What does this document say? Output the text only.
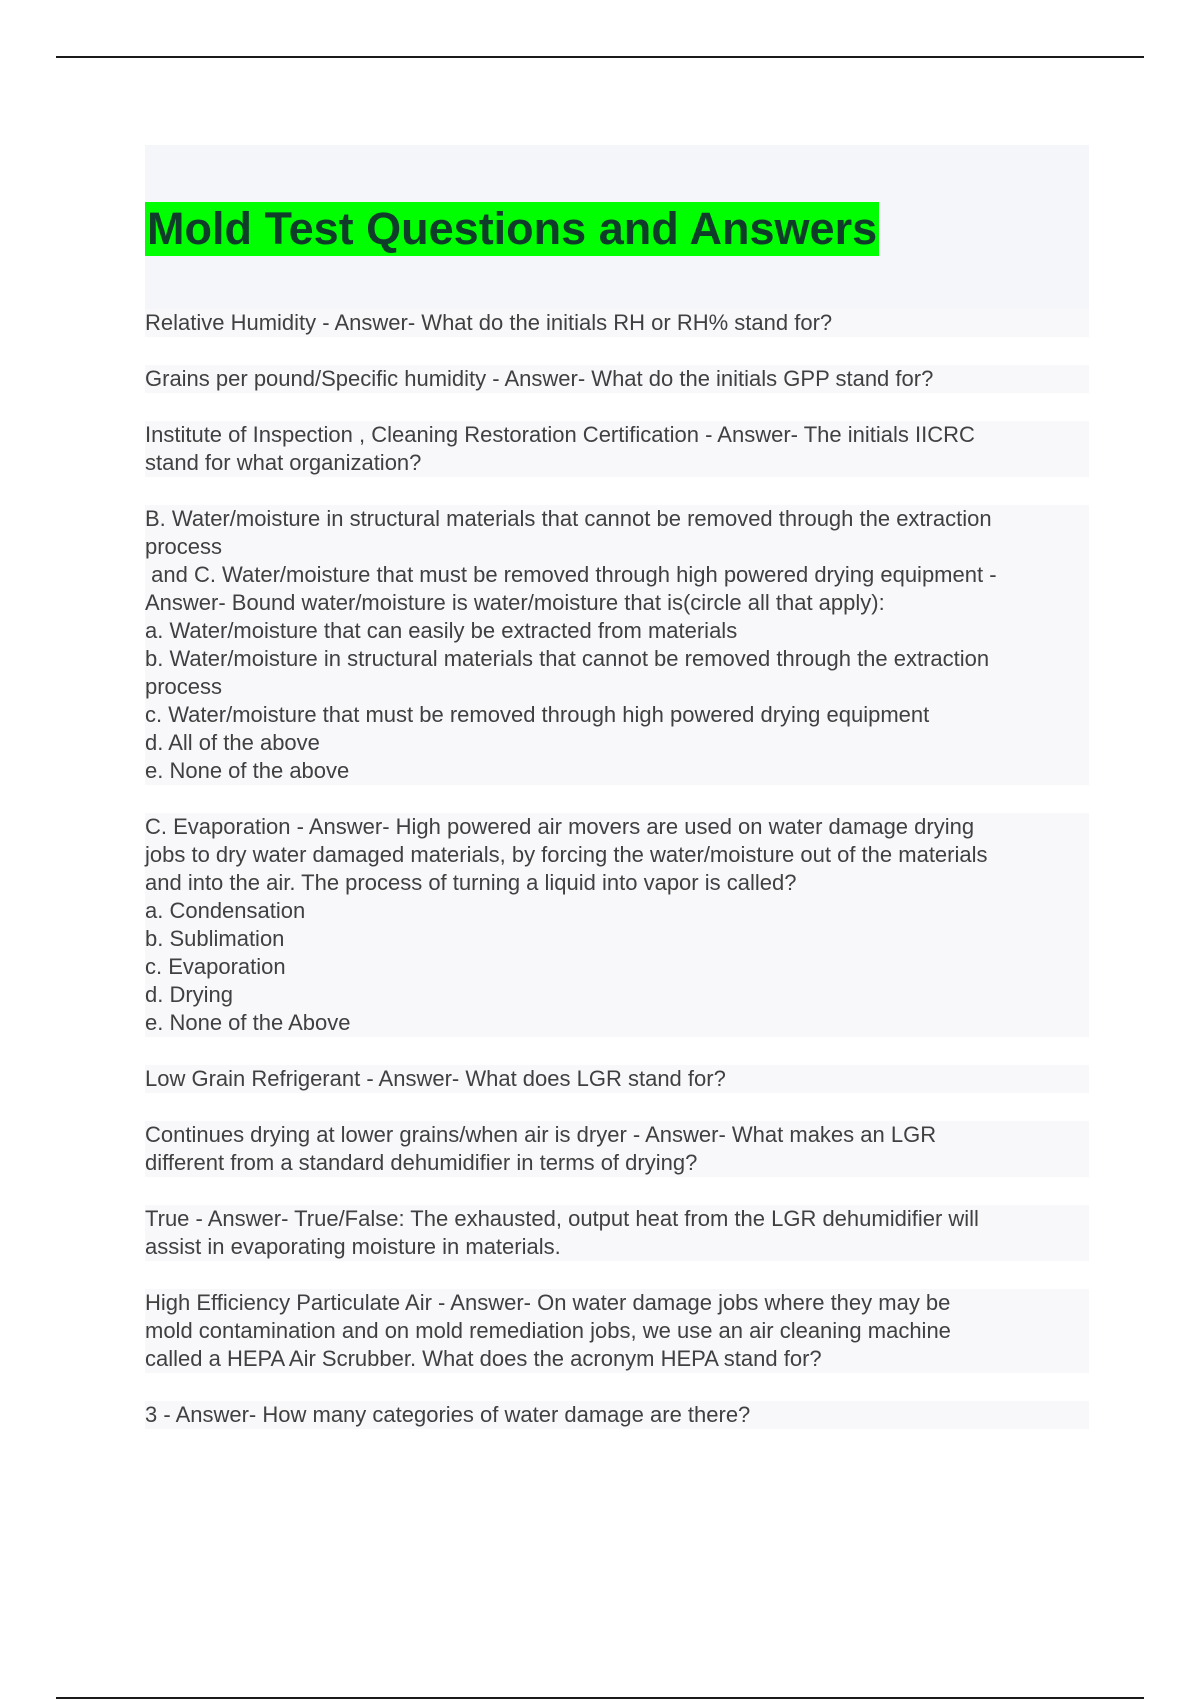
Mold Test Questions and Answers
Relative Humidity - Answer- What do the initials RH or RH% stand for?
Grains per pound/Specific humidity - Answer- What do the initials GPP stand for?
Institute of Inspection , Cleaning Restoration Certification - Answer- The initials IICRC
stand for what organization?
B. Water/moisture in structural materials that cannot be removed through the extraction
process
and C. Water/moisture that must be removed through high powered drying equipment -
Answer- Bound water/moisture is water/moisture that is(circle all that apply):
a. Water/moisture that can easily be extracted from materials
b. Water/moisture in structural materials that cannot be removed through the extraction
process
c. Water/moisture that must be removed through high powered drying equipment
d. All of the above
e. None of the above
C. Evaporation - Answer- High powered air movers are used on water damage drying
jobs to dry water damaged materials, by forcing the water/moisture out of the materials
and into the air. The process of turning a liquid into vapor is called?
a. Condensation
b. Sublimation
c. Evaporation
d. Drying
e. None of the Above
Low Grain Refrigerant - Answer- What does LGR stand for?
Continues drying at lower grains/when air is dryer - Answer- What makes an LGR
different from a standard dehumidifier in terms of drying?
True - Answer- True/False: The exhausted, output heat from the LGR dehumidifier will
assist in evaporating moisture in materials.
High Efficiency Particulate Air - Answer- On water damage jobs where they may be
mold contamination and on mold remediation jobs, we use an air cleaning machine
called a HEPA Air Scrubber. What does the acronym HEPA stand for?
3 - Answer- How many categories of water damage are there?
